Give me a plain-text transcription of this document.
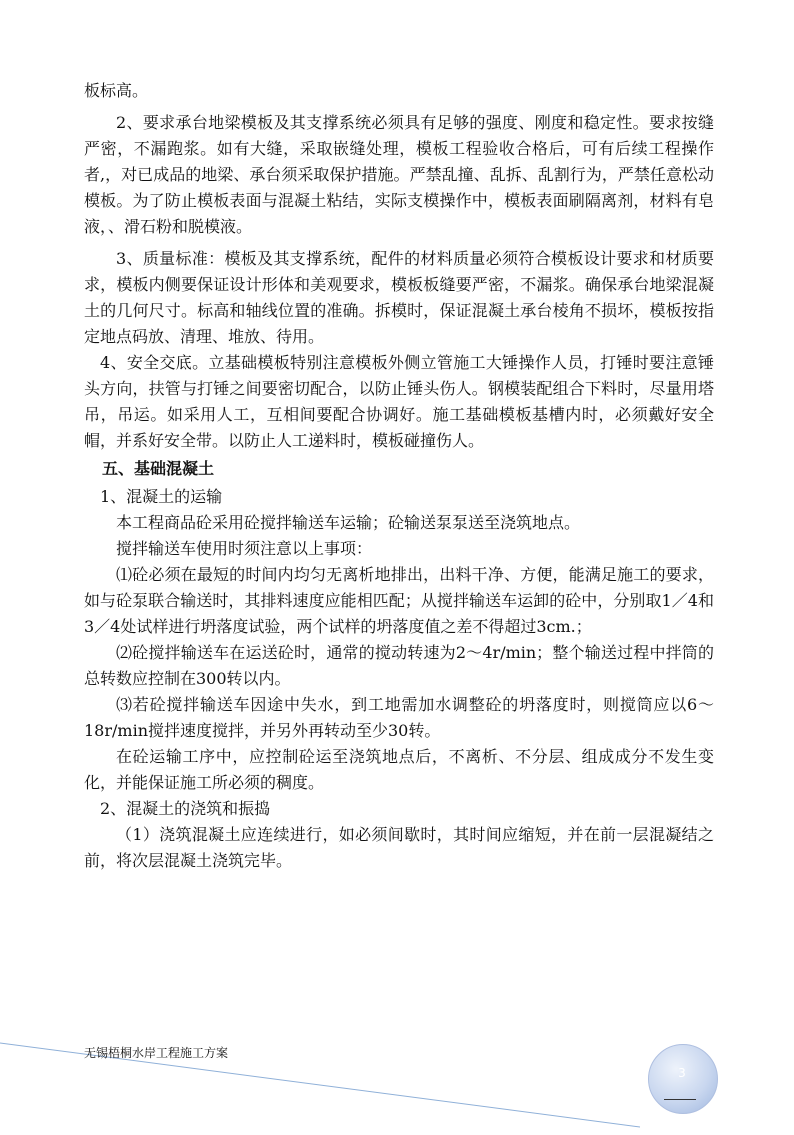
板标高。

2、要求承台地梁模板及其支撑系统必须具有足够的强度、刚度和稳定性。要求按缝严密，不漏跑浆。如有大缝，采取嵌缝处理，模板工程验收合格后，可有后续工程操作者,，对已成品的地梁、承台须采取保护措施。严禁乱撞、乱拆、乱割行为，严禁任意松动模板。为了防止模板表面与混凝土粘结，实际支模操作中，模板表面刷隔离剂，材料有皂液，、滑石粉和脱模液。

3、质量标准：模板及其支撑系统，配件的材料质量必须符合模板设计要求和材质要求，模板内侧要保证设计形体和美观要求，模板板缝要严密，不漏浆。确保承台地梁混凝土的几何尺寸。标高和轴线位置的准确。拆模时，保证混凝土承台棱角不损坏，模板按指定地点码放、清理、堆放、待用。

4、安全交底。立基础模板特别注意模板外侧立管施工大锤操作人员，打锤时要注意锤头方向，扶管与打锤之间要密切配合，以防止锤头伤人。钢模装配组合下料时，尽量用塔吊，吊运。如采用人工，互相间要配合协调好。施工基础模板基槽内时，必须戴好安全帽，并系好安全带。以防止人工递料时，模板碰撞伤人。

五、基础混凝土

1、混凝土的运输

本工程商品砼采用砼搅拌输送车运输；砼输送泵泵送至浇筑地点。

搅拌输送车使用时须注意以上事项：

⑴砼必须在最短的时间内均匀无离析地排出，出料干净、方便，能满足施工的要求，如与砼泵联合输送时，其排料速度应能相匹配；从搅拌输送车运卸的砼中，分别取1／4和3／4处试样进行坍落度试验，两个试样的坍落度值之差不得超过3cm.；

⑵砼搅拌输送车在运送砼时，通常的搅动转速为2～4r/min；整个输送过程中拌筒的总转数应控制在300转以内。

⑶若砼搅拌输送车因途中失水，到工地需加水调整砼的坍落度时，则搅筒应以6～18r/min搅拌速度搅拌，并另外再转动至少30转。

在砼运输工序中，应控制砼运至浇筑地点后，不离析、不分层、组成成分不发生变化，并能保证施工所必须的稠度。

2、混凝土的浇筑和振捣

（1）浇筑混凝土应连续进行，如必须间歇时，其时间应缩短，并在前一层混凝结之前，将次层混凝土浇筑完毕。

无锡梧桐水岸工程施工方案
3
